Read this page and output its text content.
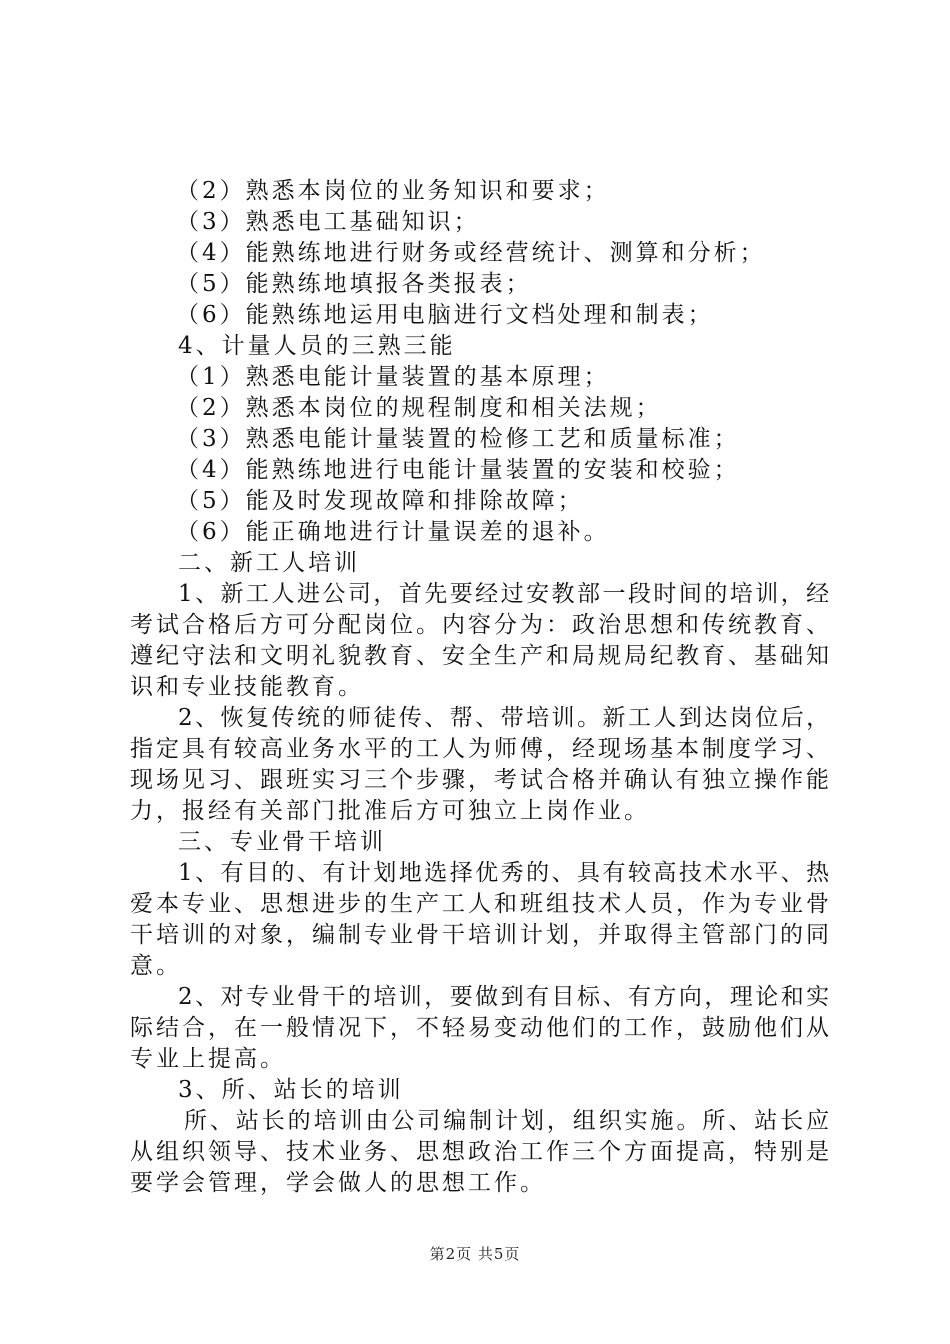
（2）熟悉本岗位的业务知识和要求；
（3）熟悉电工基础知识；
（4）能熟练地进行财务或经营统计、测算和分析；
（5）能熟练地填报各类报表；
（6）能熟练地运用电脑进行文档处理和制表；
4、计量人员的三熟三能
（1）熟悉电能计量装置的基本原理；
（2）熟悉本岗位的规程制度和相关法规；
（3）熟悉电能计量装置的检修工艺和质量标准；
（4）能熟练地进行电能计量装置的安装和校验；
（5）能及时发现故障和排除故障；
（6）能正确地进行计量误差的退补。
二、新工人培训
1、新工人进公司，首先要经过安教部一段时间的培训，经
考试合格后方可分配岗位。内容分为：政治思想和传统教育、
遵纪守法和文明礼貌教育、安全生产和局规局纪教育、基础知
识和专业技能教育。
2、恢复传统的师徒传、帮、带培训。新工人到达岗位后，
指定具有较高业务水平的工人为师傅，经现场基本制度学习、
现场见习、跟班实习三个步骤，考试合格并确认有独立操作能
力，报经有关部门批准后方可独立上岗作业。
三、专业骨干培训
1、有目的、有计划地选择优秀的、具有较高技术水平、热
爱本专业、思想进步的生产工人和班组技术人员，作为专业骨
干培训的对象，编制专业骨干培训计划，并取得主管部门的同
意。
2、对专业骨干的培训，要做到有目标、有方向，理论和实
际结合，在一般情况下，不轻易变动他们的工作，鼓励他们从
专业上提高。
3、所、站长的培训
所、站长的培训由公司编制计划，组织实施。所、站长应
从组织领导、技术业务、思想政治工作三个方面提高，特别是
要学会管理，学会做人的思想工作。
第2页 共5页
